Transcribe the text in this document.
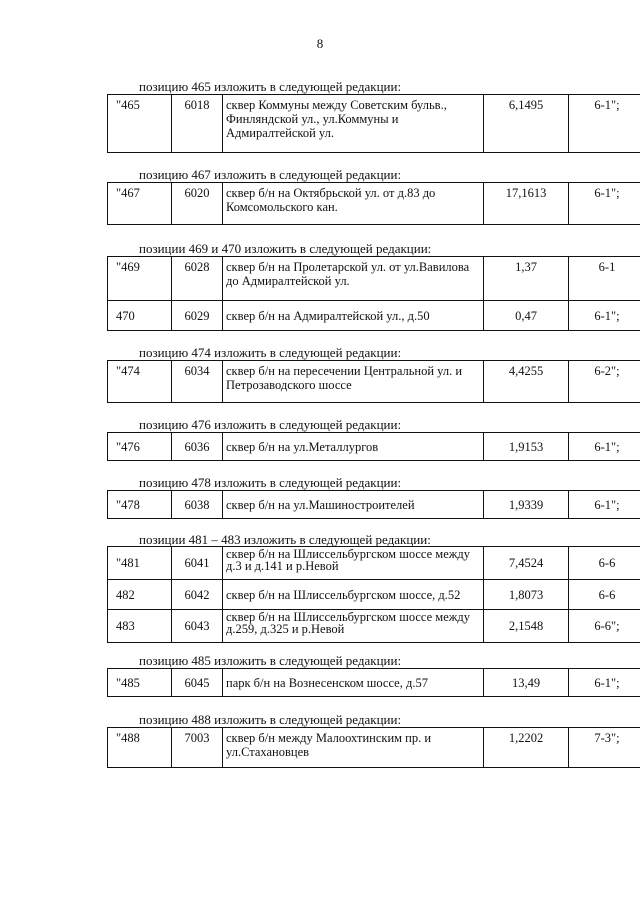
8
позицию 465 изложить в следующей редакции:
"465	6018	сквер Коммуны между Советским бульв., Финляндской ул., ул.Коммуны и Адмиралтейской ул.	6,1495	6-1";
позицию 467 изложить в следующей редакции:
"467	6020	сквер б/н на Октябрьской ул. от д.83 до Комсомольского кан.	17,1613	6-1";
позиции 469 и 470 изложить в следующей редакции:
"469	6028	сквер б/н на Пролетарской ул. от ул.Вавилова до Адмиралтейской ул.	1,37	6-1
470	6029	сквер б/н на Адмиралтейской ул., д.50	0,47	6-1";
позицию 474 изложить в следующей редакции:
"474	6034	сквер б/н на пересечении Центральной ул. и Петрозаводского шоссе	4,4255	6-2";
позицию 476 изложить в следующей редакции:
"476	6036	сквер б/н на ул.Металлургов	1,9153	6-1";
позицию 478 изложить в следующей редакции:
"478	6038	сквер б/н на ул.Машиностроителей	1,9339	6-1";
позиции 481 – 483 изложить в следующей редакции:
"481	6041	сквер б/н на Шлиссельбургском шоссе между д.3 и д.141 и р.Невой	7,4524	6-6
482	6042	сквер б/н на Шлиссельбургском шоссе, д.52	1,8073	6-6
483	6043	сквер б/н на Шлиссельбургском шоссе между д.259, д.325 и р.Невой	2,1548	6-6";
позицию 485 изложить в следующей редакции:
"485	6045	парк б/н на Вознесенском шоссе, д.57	13,49	6-1";
позицию 488 изложить в следующей редакции:
"488	7003	сквер б/н между Малоохтинским пр. и ул.Стахановцев	1,2202	7-3";
